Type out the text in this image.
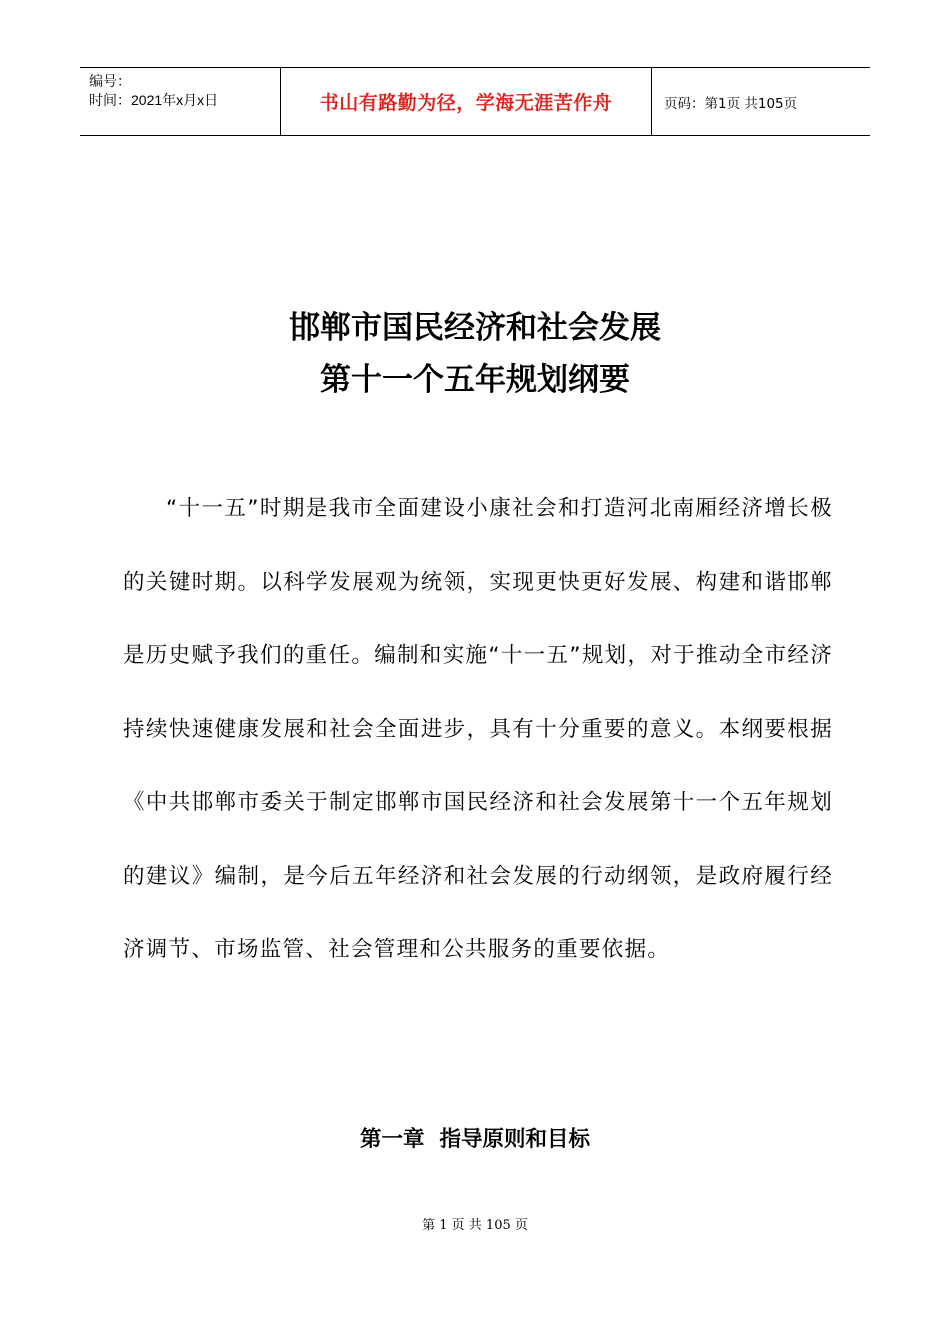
编号：
时间：2021年x月x日	书山有路勤为径，学海无涯苦作舟	页码：第1页 共105页
邯郸市国民经济和社会发展
第十一个五年规划纲要

“十一五”时期是我市全面建设小康社会和打造河北南厢经济增长极的关键时期。以科学发展观为统领，实现更快更好发展、构建和谐邯郸是历史赋予我们的重任。编制和实施“十一五”规划，对于推动全市经济持续快速健康发展和社会全面进步，具有十分重要的意义。本纲要根据《中共邯郸市委关于制定邯郸市国民经济和社会发展第十一个五年规划的建议》编制，是今后五年经济和社会发展的行动纲领，是政府履行经济调节、市场监管、社会管理和公共服务的重要依据。

第一章  指导原则和目标
第 1 页 共 105 页
